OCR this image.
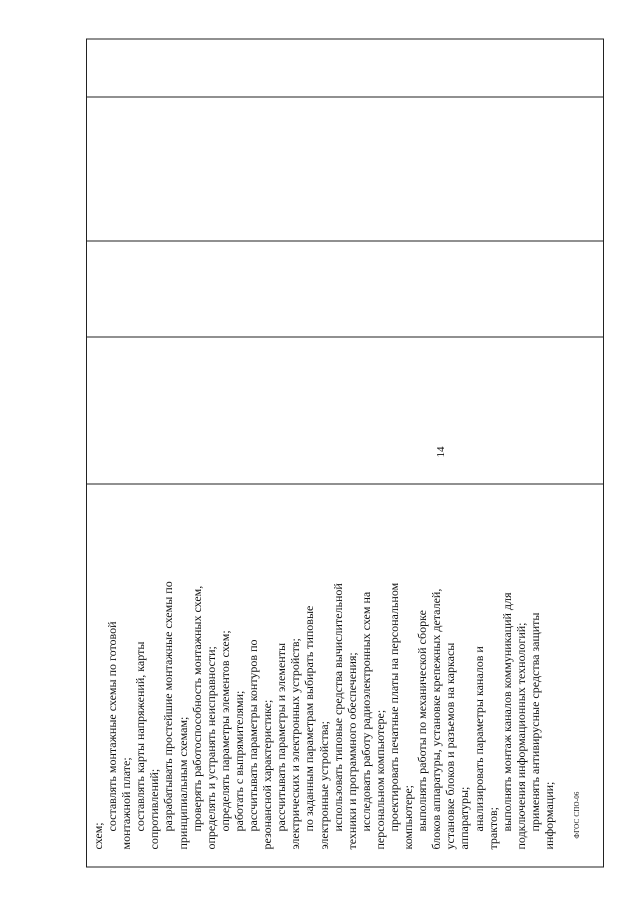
14
схем;
составлять монтажные схемы по готовой монтажной плате; составлять карты напряжений, карты сопротивлений; разрабатывать простейшие монтажные схемы по принципиальным схемам; проверять работоспособность монтажных схем, определять и устранять неисправности; определять параметры элементов схем; работать с выпрямителями; рассчитывать параметры контуров по резонансной характеристике; рассчитывать параметры и элементы электрических и электронных устройств; по заданным параметрам выбирать типовые электронные устройства; использовать типовые средства вычислительной техники и программного обеспечения; исследовать работу радиоэлектронных схем на персональном компьютере; проектировать печатные платы на персональном компьютере; выполнять работы по механической сборке блоков аппаратуры, установке крепежных деталей, установке блоков и разъемов на каркасы аппаратуры; анализировать параметры каналов и трактов; выполнять монтаж каналов коммуникаций для подключения информационных технологий; применять антивирусные средства защиты информации; ФГОС СПО-06
